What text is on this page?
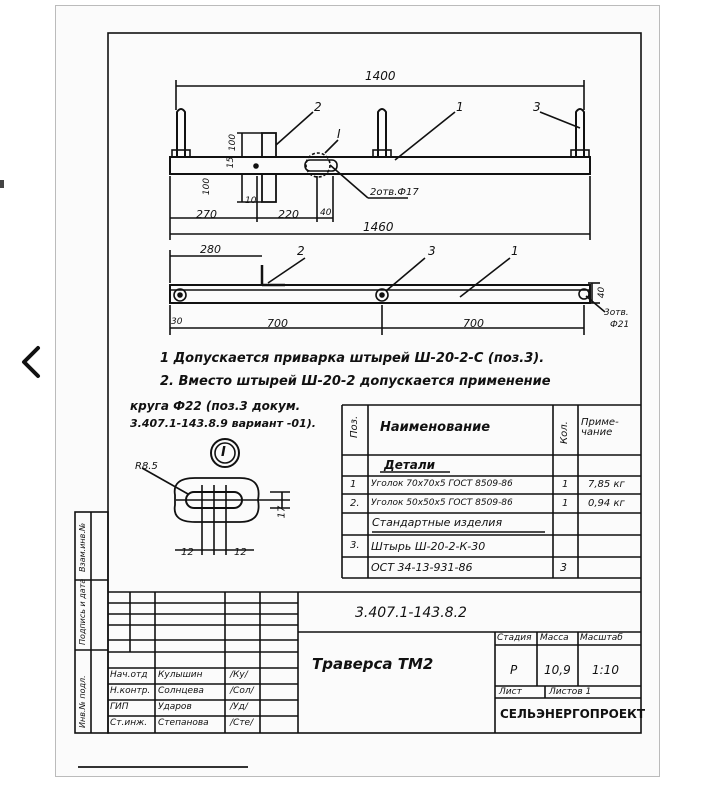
1400
270	220 40
1460
100
15
100
10
2	1	3
I
2отв.Ф17
280
700	700
30
40
2	3	1
3отв.
Ф21
1 Допускается приварка штырей Ш-20-2-С (поз.3).
2. Вместо штырей Ш-20-2 допускается применение
круга Ф22 (поз.3 докум.
3.407.1-143.8.9 вариант -01).
I
R8.5
17
12	12
Поз. Наименование	Кол. Приме-чание
Детали
Стандартные изделия
1 Уголок 70х70х5 ГОСТ 8509-86	1 7,85 кг
2. Уголок 50х50х5 ГОСТ 8509-86	1 0,94 кг
3. Штырь Ш-20-2-К-30
ОСТ 34-13-931-86	3
3.407.1-143.8.2
Траверса ТМ2
Стадия Масса Масштаб
Р 10,9 1:10
Лист	Листов 1
СЕЛЬЭНЕРГОПРОЕКТ
Нач.отд Кулышин	/Ку/
Н.контр. Солнцева	/Сол/
ГИП	Ударов	/Уд/
Ст.инж. Степанова /Сте/
Взам.инв.№
Подпись и дата
Инв.№ подл.
